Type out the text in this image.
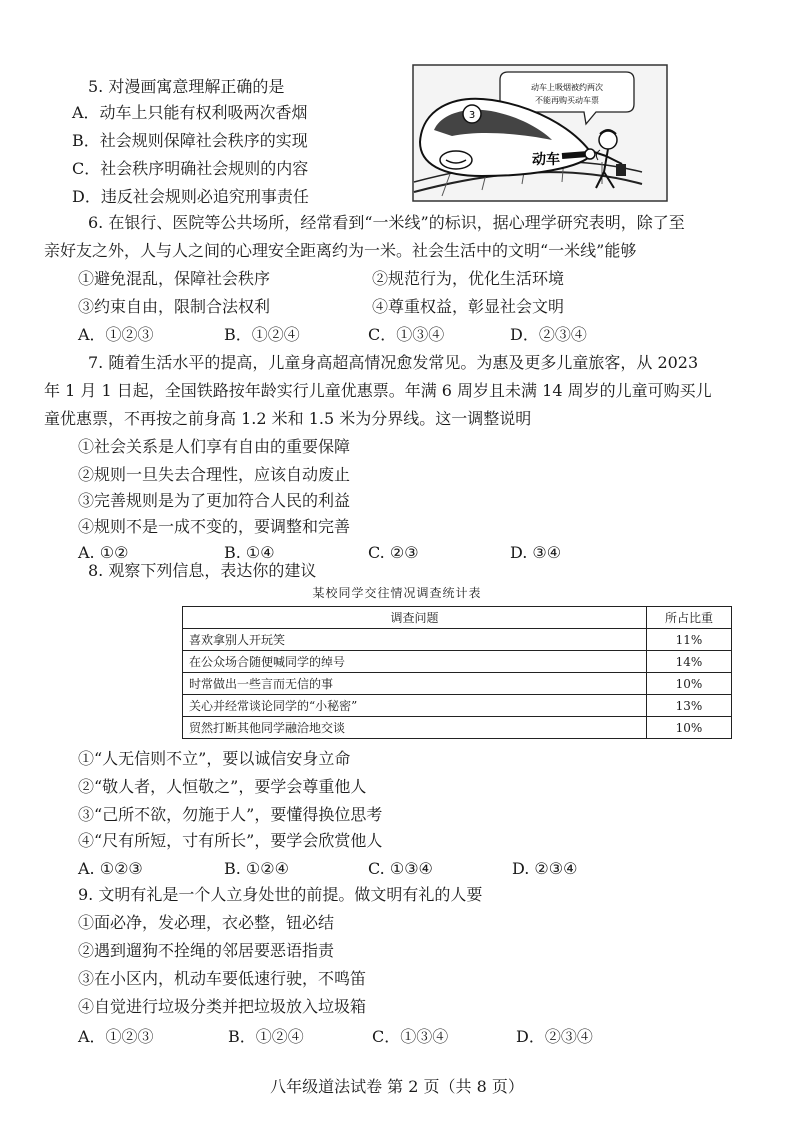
5. 对漫画寓意理解正确的是
A．动车上只能有权利吸两次香烟
B．社会规则保障社会秩序的实现
C．社会秩序明确社会规则的内容
D．违反社会规则必追究刑事责任
动车上吸烟被约两次
不能再购买动车票
3
动车
6. 在银行、医院等公共场所，经常看到“一米线”的标识，据心理学研究表明，除了至
亲好友之外，人与人之间的心理安全距离约为一米。社会生活中的文明“一米线”能够
①避免混乱，保障社会秩序	②规范行为，优化生活环境
③约束自由，限制合法权利	④尊重权益，彰显社会文明
A．①②③	B．①②④	C．①③④	D．②③④
7. 随着生活水平的提高，儿童身高超高情况愈发常见。为惠及更多儿童旅客，从 2023
年 1 月 1 日起，全国铁路按年龄实行儿童优惠票。年满 6 周岁且未满 14 周岁的儿童可购买儿
童优惠票，不再按之前身高 1.2 米和 1.5 米为分界线。这一调整说明
①社会关系是人们享有自由的重要保障
②规则一旦失去合理性，应该自动废止
③完善规则是为了更加符合人民的利益
④规则不是一成不变的，要调整和完善
A. ①②	B. ①④	C. ②③	D. ③④
8. 观察下列信息，表达你的建议
某校同学交往情况调查统计表
调查问题	所占比重
喜欢拿别人开玩笑	11%
在公众场合随便喊同学的绰号	14%
时常做出一些言而无信的事	10%
关心并经常谈论同学的“小秘密”	13%
贸然打断其他同学融洽地交谈	10%
①“人无信则不立”，要以诚信安身立命
②“敬人者，人恒敬之”，要学会尊重他人
③“己所不欲，勿施于人”，要懂得换位思考
④“尺有所短，寸有所长”，要学会欣赏他人
A. ①②③	B. ①②④	C. ①③④	D. ②③④
9. 文明有礼是一个人立身处世的前提。做文明有礼的人要
①面必净，发必理，衣必整，钮必结
②遇到遛狗不拴绳的邻居要恶语指责
③在小区内，机动车要低速行驶，不鸣笛
④自觉进行垃圾分类并把垃圾放入垃圾箱
A．①②③	B．①②④	C．①③④	D．②③④
八年级道法试卷 第 2 页（共 8 页）
